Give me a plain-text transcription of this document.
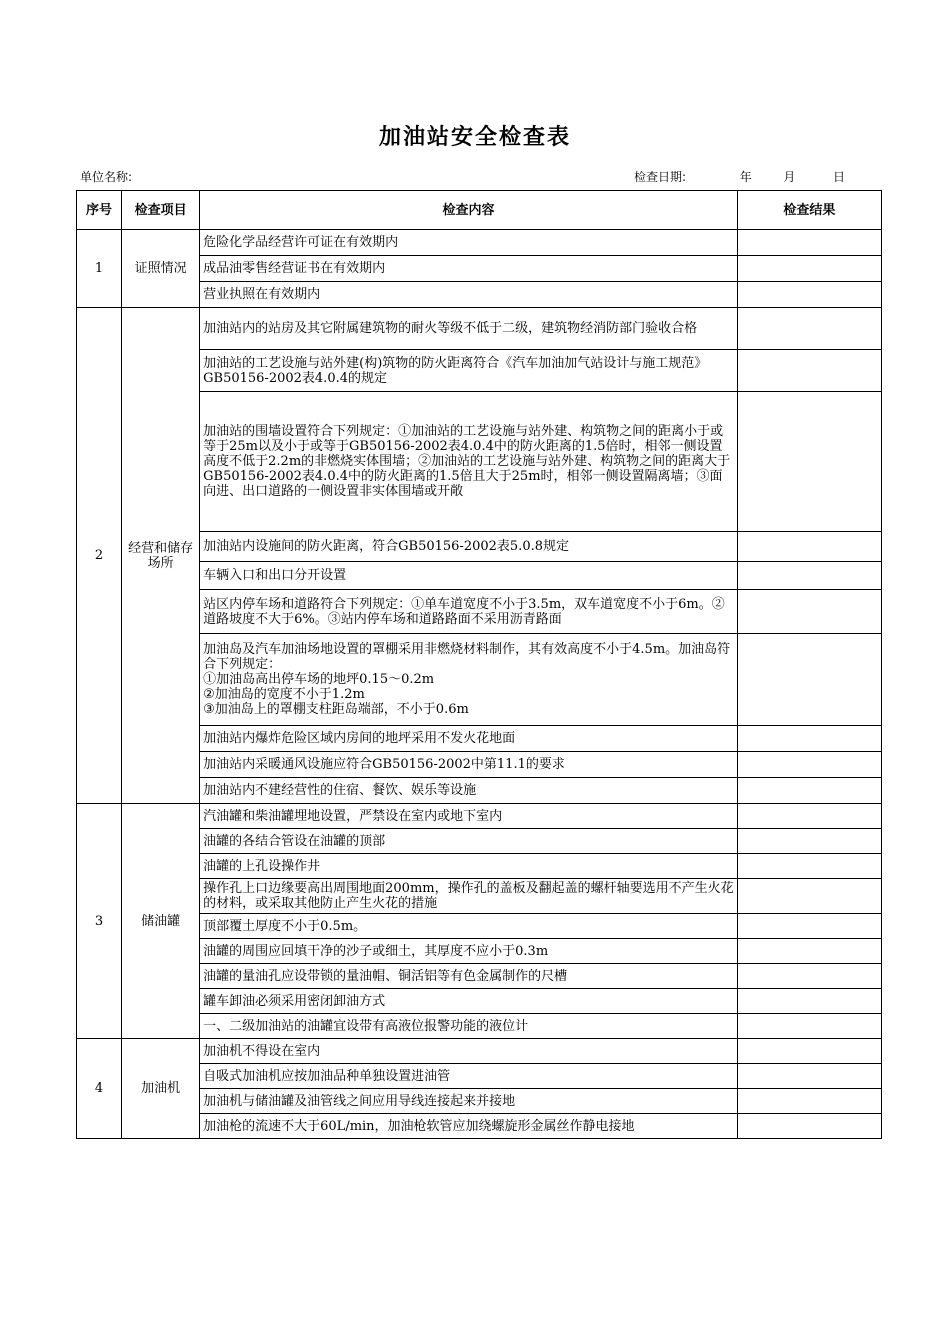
加油站安全检查表
单位名称:	检查日期:	年	月	日
序号	检查项目	检查内容	检查结果
1	证照情况	危险化学品经营许可证在有效期内	
		成品油零售经营证书在有效期内	
		营业执照在有效期内	
2	经营和储存场所	加油站内的站房及其它附属建筑物的耐火等级不低于二级，建筑物经消防部门验收合格	
		加油站的工艺设施与站外建(构)筑物的防火距离符合《汽车加油加气站设计与施工规范》GB50156-2002表4.0.4的规定	
		加油站的围墙设置符合下列规定：①加油站的工艺设施与站外建、构筑物之间的距离小于或等于25m以及小于或等于GB50156-2002表4.0.4中的防火距离的1.5倍时，相邻一侧设置高度不低于2.2m的非燃烧实体围墙；②加油站的工艺设施与站外建、构筑物之间的距离大于GB50156-2002表4.0.4中的防火距离的1.5倍且大于25m时，相邻一侧设置隔离墙；③面向进、出口道路的一侧设置非实体围墙或开敞	
		加油站内设施间的防火距离，符合GB50156-2002表5.0.8规定	
		车辆入口和出口分开设置	
		站区内停车场和道路符合下列规定：①单车道宽度不小于3.5m，双车道宽度不小于6m。②道路坡度不大于6%。③站内停车场和道路路面不采用沥青路面	
		加油岛及汽车加油场地设置的罩棚采用非燃烧材料制作，其有效高度不小于4.5m。加油岛符合下列规定：
①加油岛高出停车场的地坪0.15～0.2m
②加油岛的宽度不小于1.2m
③加油岛上的罩棚支柱距岛端部，不小于0.6m	
		加油站内爆炸危险区域内房间的地坪采用不发火花地面	
		加油站内采暖通风设施应符合GB50156-2002中第11.1的要求	
		加油站内不建经营性的住宿、餐饮、娱乐等设施	
3	储油罐	汽油罐和柴油罐埋地设置，严禁设在室内或地下室内	
		油罐的各结合管设在油罐的顶部	
		油罐的上孔设操作井	
		操作孔上口边缘要高出周围地面200mm，操作孔的盖板及翻起盖的螺杆轴要选用不产生火花的材料，或采取其他防止产生火花的措施	
		顶部覆土厚度不小于0.5m。	
		油罐的周围应回填干净的沙子或细土，其厚度不应小于0.3m	
		油罐的量油孔应设带锁的量油帽、铜活铝等有色金属制作的尺槽	
		罐车卸油必须采用密闭卸油方式	
		一、二级加油站的油罐宜设带有高液位报警功能的液位计	
4	加油机	加油机不得设在室内	
		自吸式加油机应按加油品种单独设置进油管	
		加油机与储油罐及油管线之间应用导线连接起来并接地	
		加油枪的流速不大于60L/min，加油枪软管应加绕螺旋形金属丝作静电接地	
